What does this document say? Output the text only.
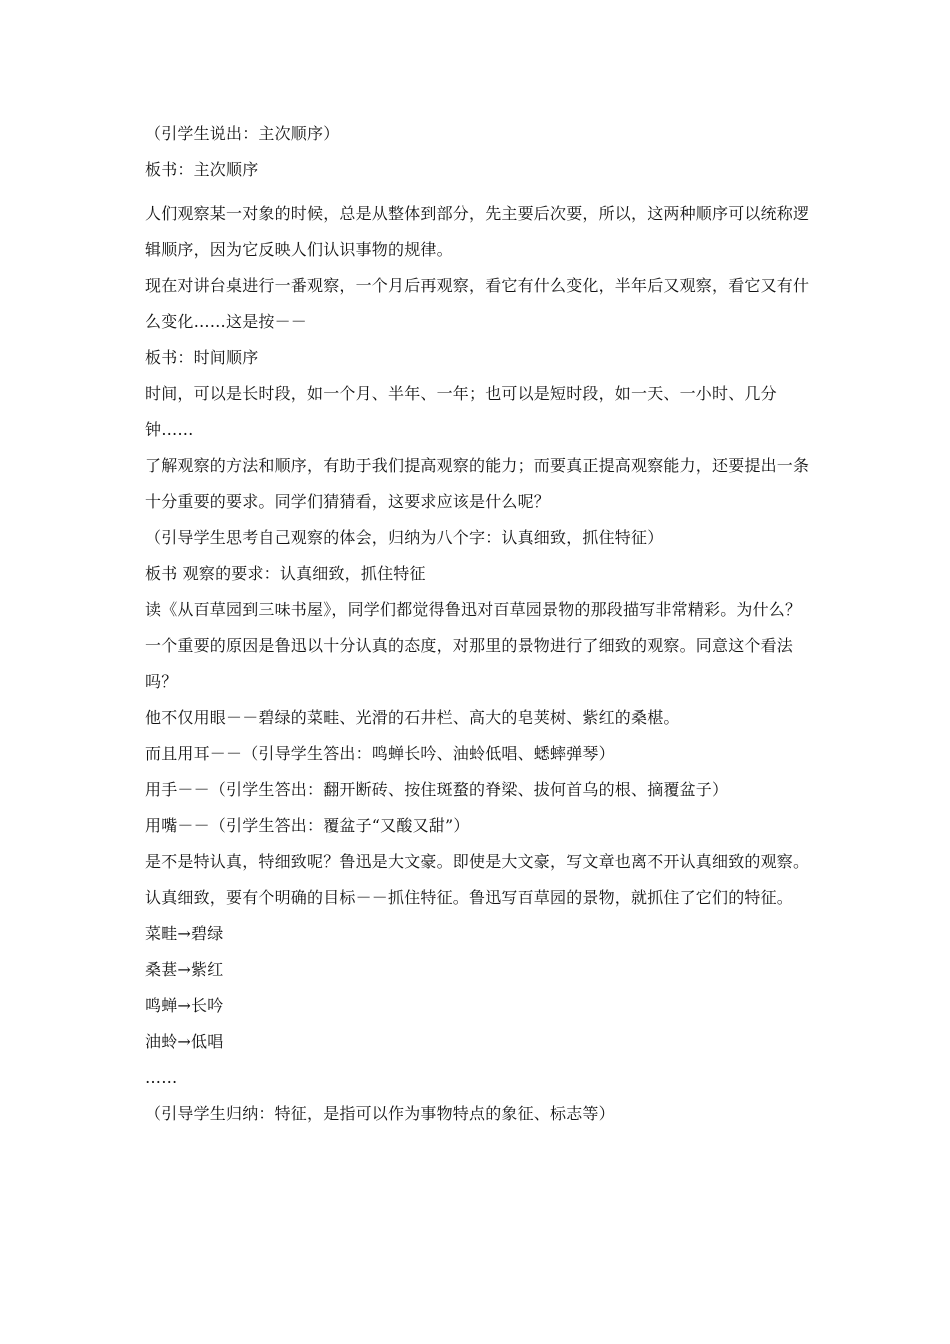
（引学生说出：主次顺序）
板书：主次顺序
人们观察某一对象的时候，总是从整体到部分，先主要后次要，所以，这两种顺序可以统称逻辑顺序，因为它反映人们认识事物的规律。
现在对讲台桌进行一番观察，一个月后再观察，看它有什么变化，半年后又观察，看它又有什么变化……这是按－－
板书：时间顺序
时间，可以是长时段，如一个月、半年、一年；也可以是短时段，如一天、一小时、几分钟……
了解观察的方法和顺序，有助于我们提高观察的能力；而要真正提高观察能力，还要提出一条十分重要的要求。同学们猜猜看，这要求应该是什么呢？
（引导学生思考自己观察的体会，归纳为八个字：认真细致，抓住特征）
板书 观察的要求：认真细致，抓住特征
读《从百草园到三味书屋》，同学们都觉得鲁迅对百草园景物的那段描写非常精彩。为什么？一个重要的原因是鲁迅以十分认真的态度，对那里的景物进行了细致的观察。同意这个看法吗？
他不仅用眼－－碧绿的菜畦、光滑的石井栏、高大的皂荚树、紫红的桑椹。
而且用耳－－（引导学生答出：鸣蝉长吟、油蛉低唱、蟋蟀弹琴）
用手－－（引学生答出：翻开断砖、按住斑蝥的脊梁、拔何首乌的根、摘覆盆子）
用嘴－－（引学生答出：覆盆子“又酸又甜”）
是不是特认真，特细致呢？鲁迅是大文豪。即使是大文豪，写文章也离不开认真细致的观察。
认真细致，要有个明确的目标－－抓住特征。鲁迅写百草园的景物，就抓住了它们的特征。
菜畦→碧绿
桑葚→紫红
鸣蝉→长吟
油蛉→低唱
……
（引导学生归纳：特征，是指可以作为事物特点的象征、标志等）
